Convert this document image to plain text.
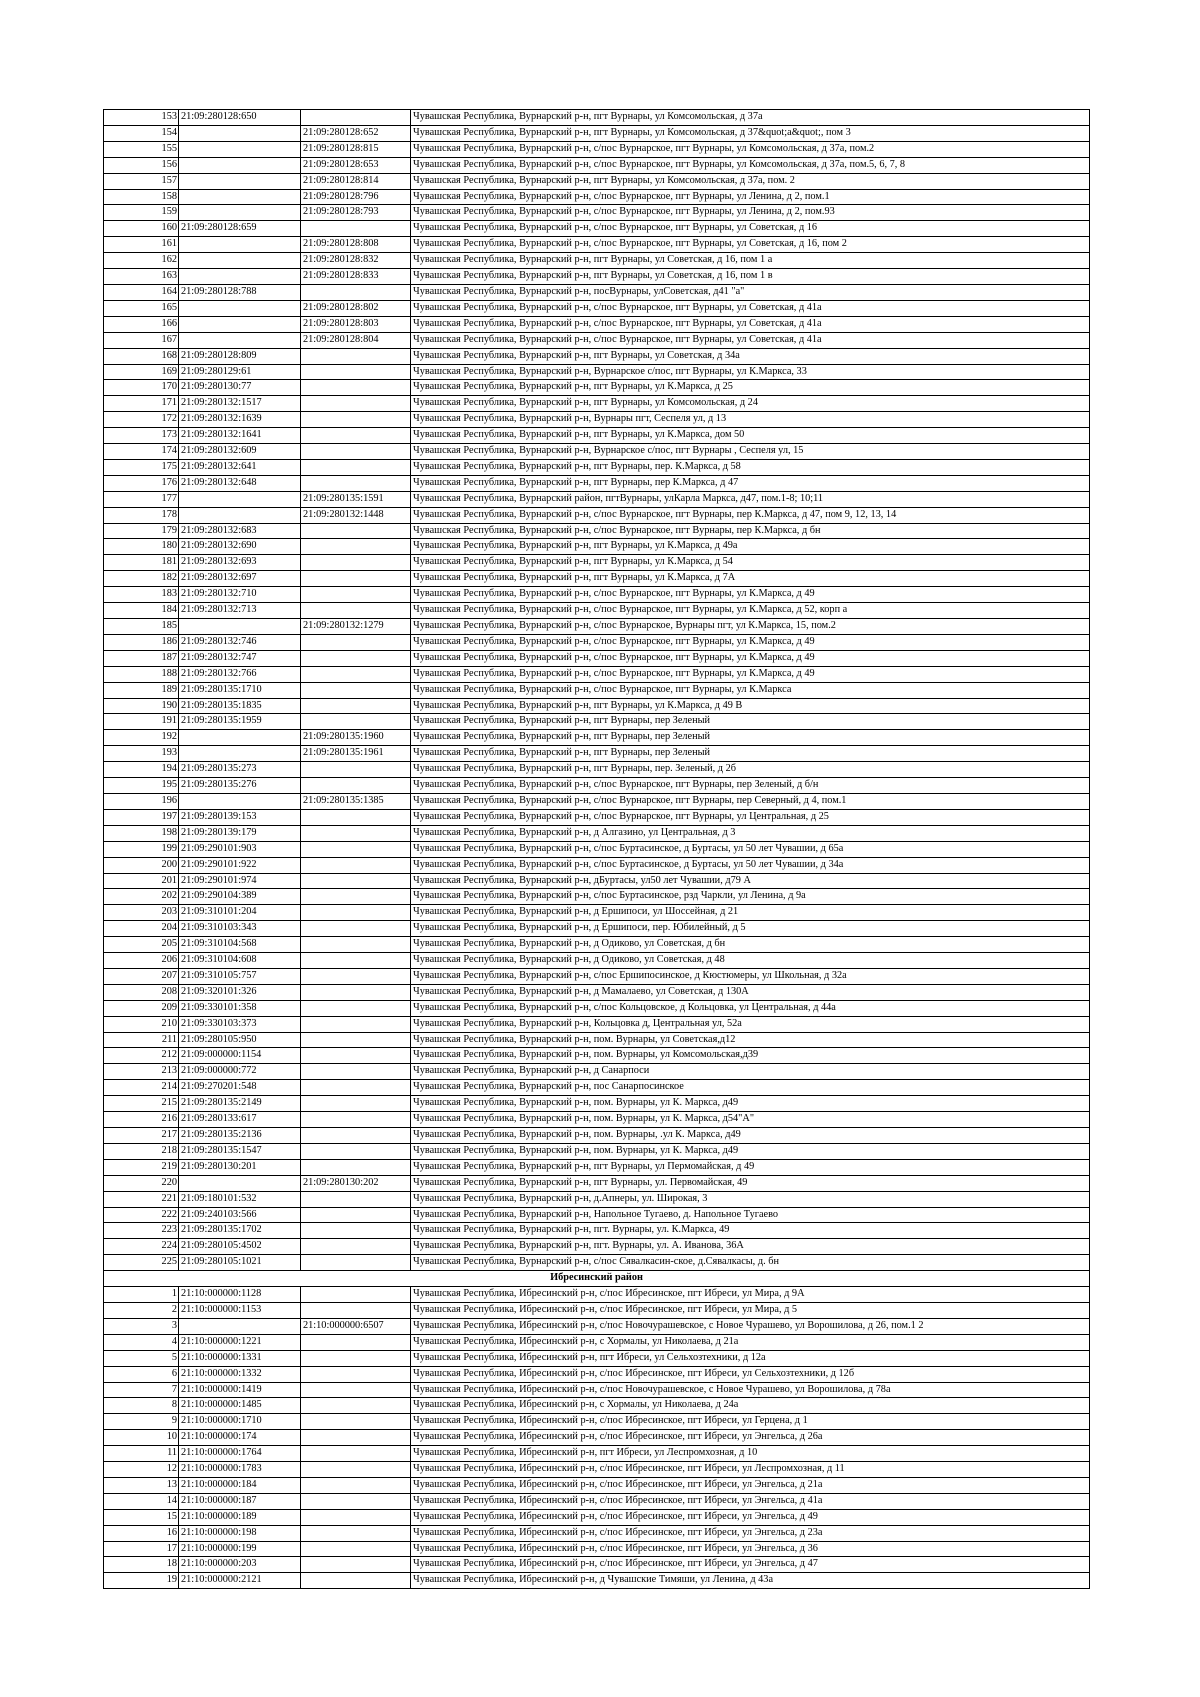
153	21:09:280128:650		Чувашская Республика, Вурнарский р-н, пгт Вурнары, ул Комсомольская, д 37а
154		21:09:280128:652	Чувашская Республика, Вурнарский р-н, пгт Вурнары, ул Комсомольская, д 37&quot;а&quot;, пом 3
155		21:09:280128:815	Чувашская Республика, Вурнарский р-н, с/пос Вурнарское, пгт Вурнары, ул Комсомольская, д 37а, пом.2
156		21:09:280128:653	Чувашская Республика, Вурнарский р-н, с/пос Вурнарское, пгт Вурнары, ул Комсомольская, д 37а, пом.5, 6, 7, 8
157		21:09:280128:814	Чувашская Республика, Вурнарский р-н, пгт Вурнары, ул Комсомольская, д 37а, пом. 2
158		21:09:280128:796	Чувашская Республика, Вурнарский р-н, с/пос Вурнарское, пгт Вурнары, ул Ленина, д 2, пом.1
159		21:09:280128:793	Чувашская Республика, Вурнарский р-н, с/пос Вурнарское, пгт Вурнары, ул Ленина, д 2, пом.93
160	21:09:280128:659		Чувашская Республика, Вурнарский р-н, с/пос Вурнарское, пгт Вурнары, ул Советская, д 16
161		21:09:280128:808	Чувашская Республика, Вурнарский р-н, с/пос Вурнарское, пгт Вурнары, ул Советская, д 16, пом 2
162		21:09:280128:832	Чувашская Республика, Вурнарский р-н, пгт Вурнары, ул Советская, д 16, пом 1 а
163		21:09:280128:833	Чувашская Республика, Вурнарский р-н, пгт Вурнары, ул Советская, д 16, пом 1 в
164	21:09:280128:788		Чувашская Республика, Вурнарский р-н, посВурнары, улСоветская, д41 "а"
165		21:09:280128:802	Чувашская Республика, Вурнарский р-н, с/пос Вурнарское, пгт Вурнары, ул Советская, д 41а
166		21:09:280128:803	Чувашская Республика, Вурнарский р-н, с/пос Вурнарское, пгт Вурнары, ул Советская, д 41а
167		21:09:280128:804	Чувашская Республика, Вурнарский р-н, с/пос Вурнарское, пгт Вурнары, ул Советская, д 41а
168	21:09:280128:809		Чувашская Республика, Вурнарский р-н, пгт Вурнары, ул Советская, д 34а
169	21:09:280129:61		Чувашская Республика, Вурнарский р-н, Вурнарское с/пос, пгт Вурнары, ул К.Маркса, 33
170	21:09:280130:77		Чувашская Республика, Вурнарский р-н, пгт Вурнары, ул К.Маркса, д 25
171	21:09:280132:1517		Чувашская Республика, Вурнарский р-н, пгт Вурнары, ул Комсомольская, д 24
172	21:09:280132:1639		Чувашская Республика, Вурнарский р-н, Вурнары пгт, Сеспеля ул, д 13
173	21:09:280132:1641		Чувашская Республика, Вурнарский р-н, пгт Вурнары, ул К.Маркса, дом 50
174	21:09:280132:609		Чувашская Республика, Вурнарский р-н, Вурнарское с/пос, пгт Вурнары , Сеспеля ул, 15
175	21:09:280132:641		Чувашская Республика, Вурнарский р-н, пгт Вурнары, пер. К.Маркса, д 58
176	21:09:280132:648		Чувашская Республика, Вурнарский р-н, пгт Вурнары, пер К.Маркса, д 47
177		21:09:280135:1591	Чувашская Республика, Вурнарский район, пгтВурнары, улКарла Маркса, д47, пом.1-8; 10;11
178		21:09:280132:1448	Чувашская Республика, Вурнарский р-н, с/пос Вурнарское, пгт Вурнары, пер К.Маркса, д 47, пом 9, 12, 13, 14
179	21:09:280132:683		Чувашская Республика, Вурнарский р-н, с/пос Вурнарское, пгт Вурнары, пер К.Маркса, д бн
180	21:09:280132:690		Чувашская Республика, Вурнарский р-н, пгт Вурнары, ул К.Маркса, д 49а
181	21:09:280132:693		Чувашская Республика, Вурнарский р-н, пгт Вурнары, ул К.Маркса, д 54
182	21:09:280132:697		Чувашская Республика, Вурнарский р-н, пгт Вурнары, ул К.Маркса, д 7А
183	21:09:280132:710		Чувашская Республика, Вурнарский р-н, с/пос Вурнарское, пгт Вурнары, ул К.Маркса, д 49
184	21:09:280132:713		Чувашская Республика, Вурнарский р-н, с/пос Вурнарское, пгт Вурнары, ул К.Маркса, д 52, корп а
185		21:09:280132:1279	Чувашская Республика, Вурнарский р-н, с/пос Вурнарское, Вурнары пгт, ул К.Маркса, 15, пом.2
186	21:09:280132:746		Чувашская Республика, Вурнарский р-н, с/пос Вурнарское, пгт Вурнары, ул К.Маркса, д 49
187	21:09:280132:747		Чувашская Республика, Вурнарский р-н, с/пос Вурнарское, пгт Вурнары, ул К.Маркса, д 49
188	21:09:280132:766		Чувашская Республика, Вурнарский р-н, с/пос Вурнарское, пгт Вурнары, ул К.Маркса, д 49
189	21:09:280135:1710		Чувашская Республика, Вурнарский р-н, с/пос Вурнарское, пгт Вурнары, ул К.Маркса
190	21:09:280135:1835		Чувашская Республика, Вурнарский р-н, пгт Вурнары, ул К.Маркса, д 49 В
191	21:09:280135:1959		Чувашская Республика, Вурнарский р-н, пгт Вурнары, пер Зеленый
192		21:09:280135:1960	Чувашская Республика, Вурнарский р-н, пгт Вурнары, пер Зеленый
193		21:09:280135:1961	Чувашская Республика, Вурнарский р-н, пгт Вурнары, пер Зеленый
194	21:09:280135:273		Чувашская Республика, Вурнарский р-н, пгт Вурнары, пер. Зеленый, д 2б
195	21:09:280135:276		Чувашская Республика, Вурнарский р-н, с/пос Вурнарское, пгт Вурнары, пер Зеленый, д б/н
196		21:09:280135:1385	Чувашская Республика, Вурнарский р-н, с/пос Вурнарское, пгт Вурнары, пер Северный, д 4, пом.1
197	21:09:280139:153		Чувашская Республика, Вурнарский р-н, с/пос Вурнарское, пгт Вурнары, ул Центральная, д 25
198	21:09:280139:179		Чувашская Республика, Вурнарский р-н, д Алгазино, ул Центральная, д 3
199	21:09:290101:903		Чувашская Республика, Вурнарский р-н, с/пос Буртасинское, д Буртасы, ул 50 лет Чувашии, д 65а
200	21:09:290101:922		Чувашская Республика, Вурнарский р-н, с/пос Буртасинское, д Буртасы, ул 50 лет Чувашии, д 34а
201	21:09:290101:974		Чувашская Республика, Вурнарский р-н, дБуртасы, ул50 лет Чувашии, д79 А
202	21:09:290104:389		Чувашская Республика, Вурнарский р-н, с/пос Буртасинское, рзд Чаркли, ул Ленина, д 9а
203	21:09:310101:204		Чувашская Республика, Вурнарский р-н, д Ершипоси, ул Шоссейная, д 21
204	21:09:310103:343		Чувашская Республика, Вурнарский р-н, д Ершипоси, пер. Юбилейный, д 5
205	21:09:310104:568		Чувашская Республика, Вурнарский р-н, д Одиково, ул Советская, д бн
206	21:09:310104:608		Чувашская Республика, Вурнарский р-н, д Одиково, ул Советская, д 48
207	21:09:310105:757		Чувашская Республика, Вурнарский р-н, с/пос Ершипосинское, д Кюстюмеры, ул Школьная, д 32а
208	21:09:320101:326		Чувашская Республика, Вурнарский р-н, д Мамалаево, ул Советская, д 130А
209	21:09:330101:358		Чувашская Республика, Вурнарский р-н, с/пос Кольцовское, д Кольцовка, ул Центральная, д 44а
210	21:09:330103:373		Чувашская Республика, Вурнарский р-н, Кольцовка д, Центральная ул, 52а
211	21:09:280105:950		Чувашская Республика, Вурнарский р-н, пом. Вурнары, ул Советская,д12
212	21:09:000000:1154		Чувашская Республика, Вурнарский р-н, пом. Вурнары, ул Комсомольская,д39
213	21:09:000000:772		Чувашская Республика, Вурнарский р-н, д Санарпоси
214	21:09:270201:548		Чувашская Республика, Вурнарский р-н, пос Санарпосинское
215	21:09:280135:2149		Чувашская Республика, Вурнарский р-н, пом. Вурнары, ул К. Маркса, д49
216	21:09:280133:617		Чувашская Республика, Вурнарский р-н, пом. Вурнары, ул К. Маркса, д54"А"
217	21:09:280135:2136		Чувашская Республика, Вурнарский р-н, пом. Вурнары, .ул К. Маркса, д49
218	21:09:280135:1547		Чувашская Республика, Вурнарский р-н, пом. Вурнары, ул К. Маркса, д49
219	21:09:280130:201		Чувашская Республика, Вурнарский р-н, пгт Вурнары, ул Пермомайская, д 49
220		21:09:280130:202	Чувашская Республика, Вурнарский р-н, пгт Вурнары, ул. Первомайская, 49
221	21:09:180101:532		Чувашская Республика, Вурнарский р-н, д.Апнеры, ул. Широкая, 3
222	21:09:240103:566		Чувашская Республика, Вурнарский р-н, Напольное Тугаево, д. Напольное Тугаево
223	21:09:280135:1702		Чувашская Республика, Вурнарский р-н, пгт. Вурнары, ул. К.Маркса, 49
224	21:09:280105:4502		Чувашская Республика, Вурнарский р-н, пгт. Вурнары, ул. А. Иванова, 36А
225	21:09:280105:1021		Чувашская Республика, Вурнарский р-н, с/пос Сявалкасин-ское, д.Сявалкасы, д. бн
Ибресинский район			
1	21:10:000000:1128		Чувашская Республика, Ибресинский р-н, с/пос Ибресинское, пгт Ибреси, ул Мира, д 9А
2	21:10:000000:1153		Чувашская Республика, Ибресинский р-н, с/пос Ибресинское, пгт Ибреси, ул Мира, д 5
3		21:10:000000:6507	Чувашская Республика, Ибресинский р-н, с/пос Новочурашевское, с Новое Чурашево, ул Ворошилова, д 26, пом.1 2
4	21:10:000000:1221		Чувашская Республика, Ибресинский р-н, с Хормалы, ул Николаева, д 21а
5	21:10:000000:1331		Чувашская Республика, Ибресинский р-н, пгт Ибреси, ул Сельхозтехники, д 12а
6	21:10:000000:1332		Чувашская Республика, Ибресинский р-н, с/пос Ибресинское, пгт Ибреси, ул Сельхозтехники, д 12б
7	21:10:000000:1419		Чувашская Республика, Ибресинский р-н, с/пос Новочурашевское, с Новое Чурашево, ул Ворошилова, д 78а
8	21:10:000000:1485		Чувашская Республика, Ибресинский р-н, с Хормалы, ул Николаева, д 24а
9	21:10:000000:1710		Чувашская Республика, Ибресинский р-н, с/пос Ибресинское, пгт Ибреси, ул Герцена, д 1
10	21:10:000000:174		Чувашская Республика, Ибресинский р-н, с/пос Ибресинское, пгт Ибреси, ул Энгельса, д 26а
11	21:10:000000:1764		Чувашская Республика, Ибресинский р-н, пгт Ибреси, ул Леспромхозная, д 10
12	21:10:000000:1783		Чувашская Республика, Ибресинский р-н, с/пос Ибресинское, пгт Ибреси, ул Леспромхозная, д 11
13	21:10:000000:184		Чувашская Республика, Ибресинский р-н, с/пос Ибресинское, пгт Ибреси, ул Энгельса, д 21а
14	21:10:000000:187		Чувашская Республика, Ибресинский р-н, с/пос Ибресинское, пгт Ибреси, ул Энгельса, д 41а
15	21:10:000000:189		Чувашская Республика, Ибресинский р-н, с/пос Ибресинское, пгт Ибреси, ул Энгельса, д 49
16	21:10:000000:198		Чувашская Республика, Ибресинский р-н, с/пос Ибресинское, пгт Ибреси, ул Энгельса, д 23а
17	21:10:000000:199		Чувашская Республика, Ибресинский р-н, с/пос Ибресинское, пгт Ибреси, ул Энгельса, д 36
18	21:10:000000:203		Чувашская Республика, Ибресинский р-н, с/пос Ибресинское, пгт Ибреси, ул Энгельса, д 47
19	21:10:000000:2121		Чувашская Республика, Ибресинский р-н, д Чувашские Тимяши, ул Ленина, д 43а
